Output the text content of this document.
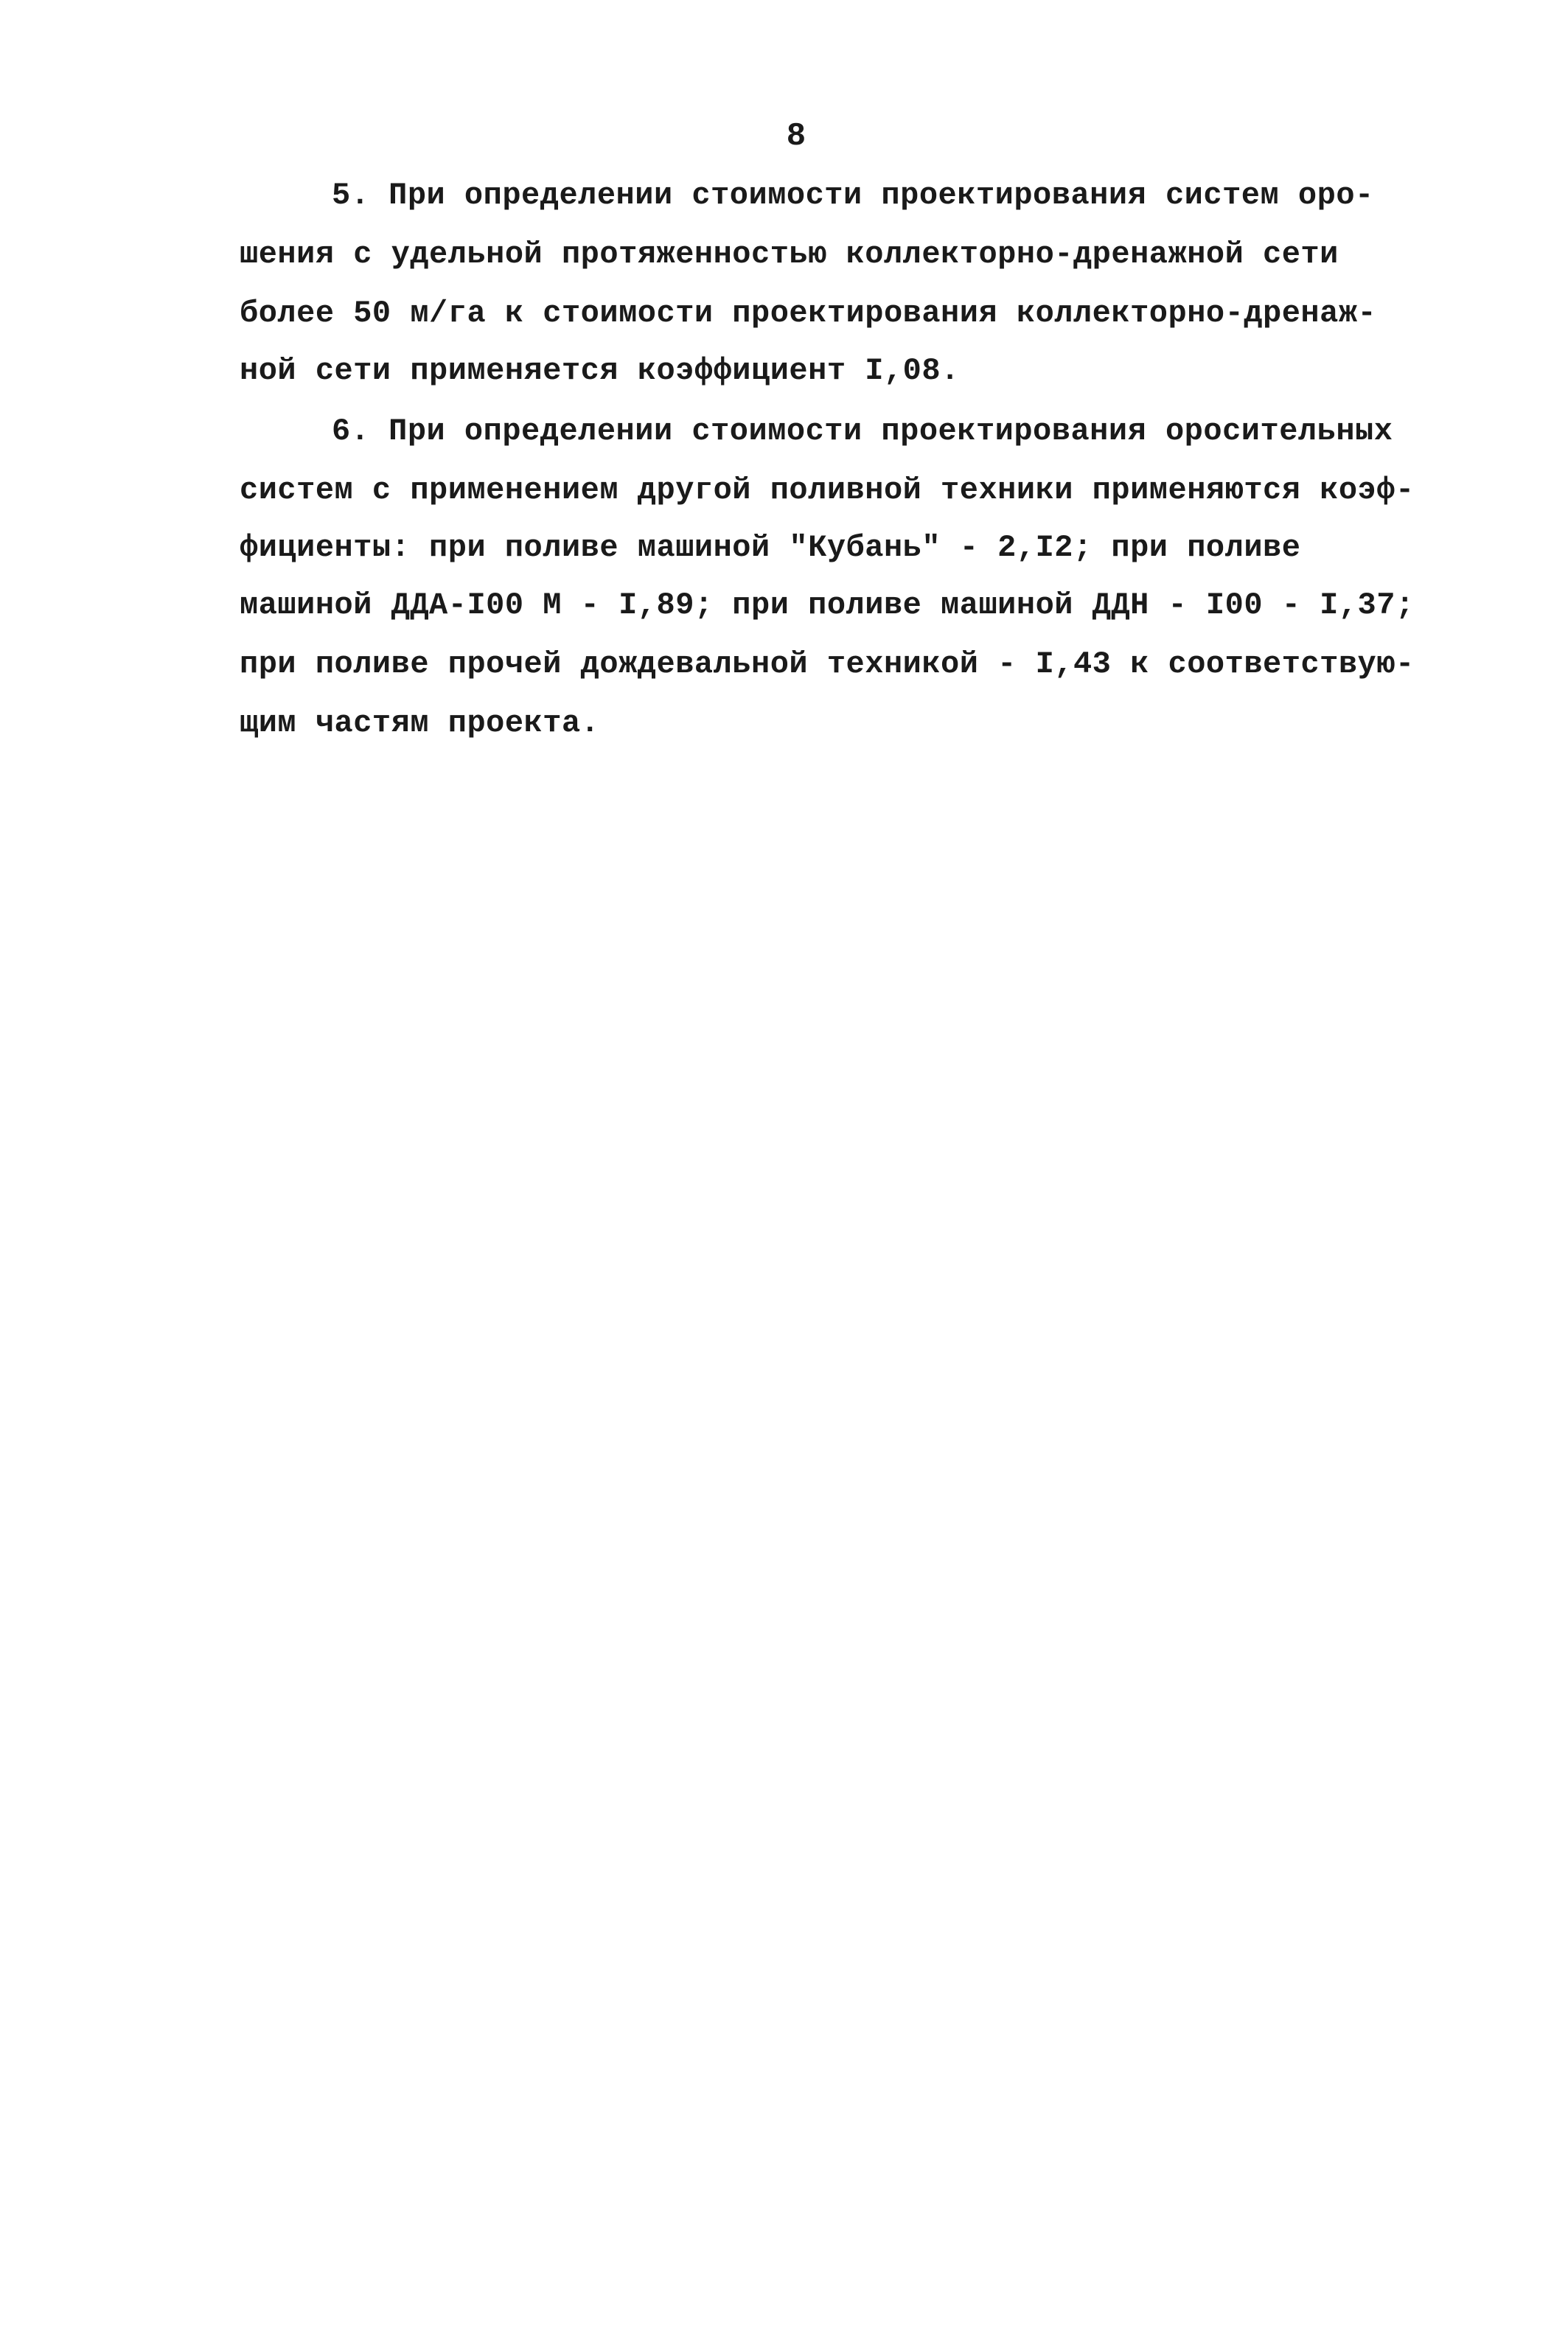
8
5. При определении стоимости проектирования систем оро-
шения с удельной протяженностью коллекторно-дренажной сети
более 50 м/га к стоимости проектирования коллекторно-дренаж-
ной сети применяется коэффициент I,08.
6. При определении стоимости проектирования оросительных
систем с применением другой поливной техники применяются коэф-
фициенты: при поливе машиной "Кубань" - 2,I2; при поливе
машиной ДДА-I00 М - I,89; при поливе машиной ДДН - I00 - I,37;
при поливе прочей дождевальной техникой - I,43 к соответствую-
щим частям проекта.
